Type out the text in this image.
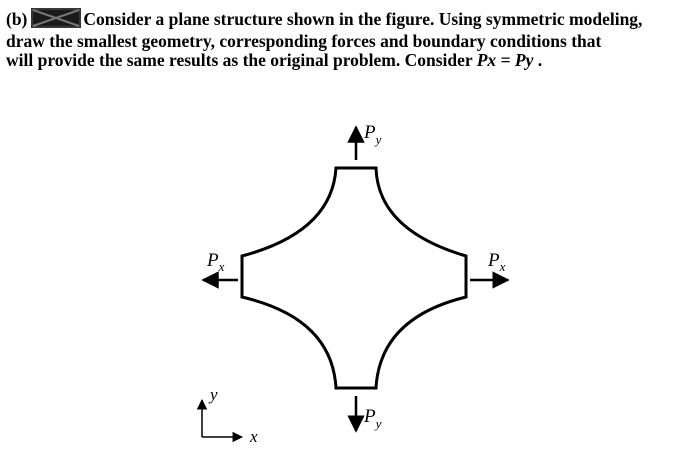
(b)	Consider a plane structure shown in the figure. Using symmetric modeling,
draw the smallest geometry, corresponding forces and boundary conditions that
will provide the same results as the original problem. Consider Px = Py .
$P_y$
$P_y$
$P_x$	$P_x$
y
x
